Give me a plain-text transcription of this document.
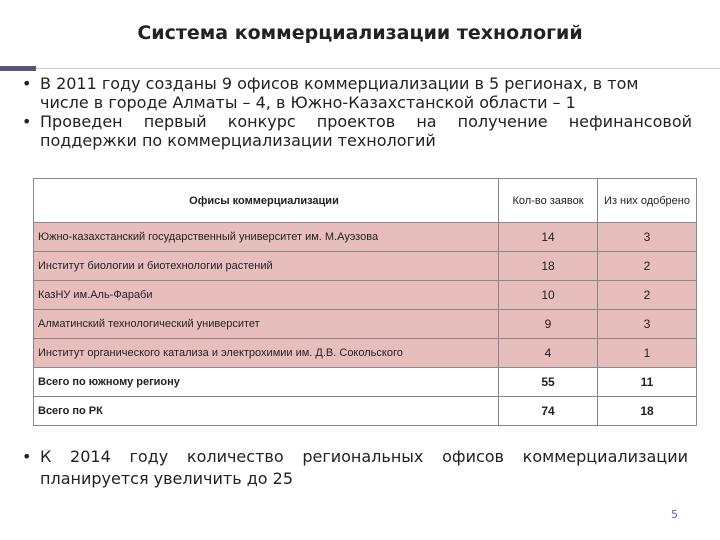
Система коммерциализации технологий
• В 2011 году созданы 9 офисов коммерциализации в 5 регионах, в том числе в городе Алматы – 4, в Южно-Казахстанской области – 1
• Проведен первый конкурс проектов на получение нефинансовой поддержки по коммерциализации технологий
Офисы коммерциализации	Кол-во заявок	Из них одобрено
Южно-казахстанский государственный университет им. М.Ауэзова	14	3
Институт биологии и биотехнологии растений	18	2
КазНУ им.Аль-Фараби	10	2
Алматинский технологический университет	9	3
Институт органического катализа и электрохимии им. Д.В. Сокольского	4	1
Всего по южному региону	55	11
Всего по РК	74	18
• К 2014 году количество региональных офисов коммерциализации планируется увеличить до 25
5
